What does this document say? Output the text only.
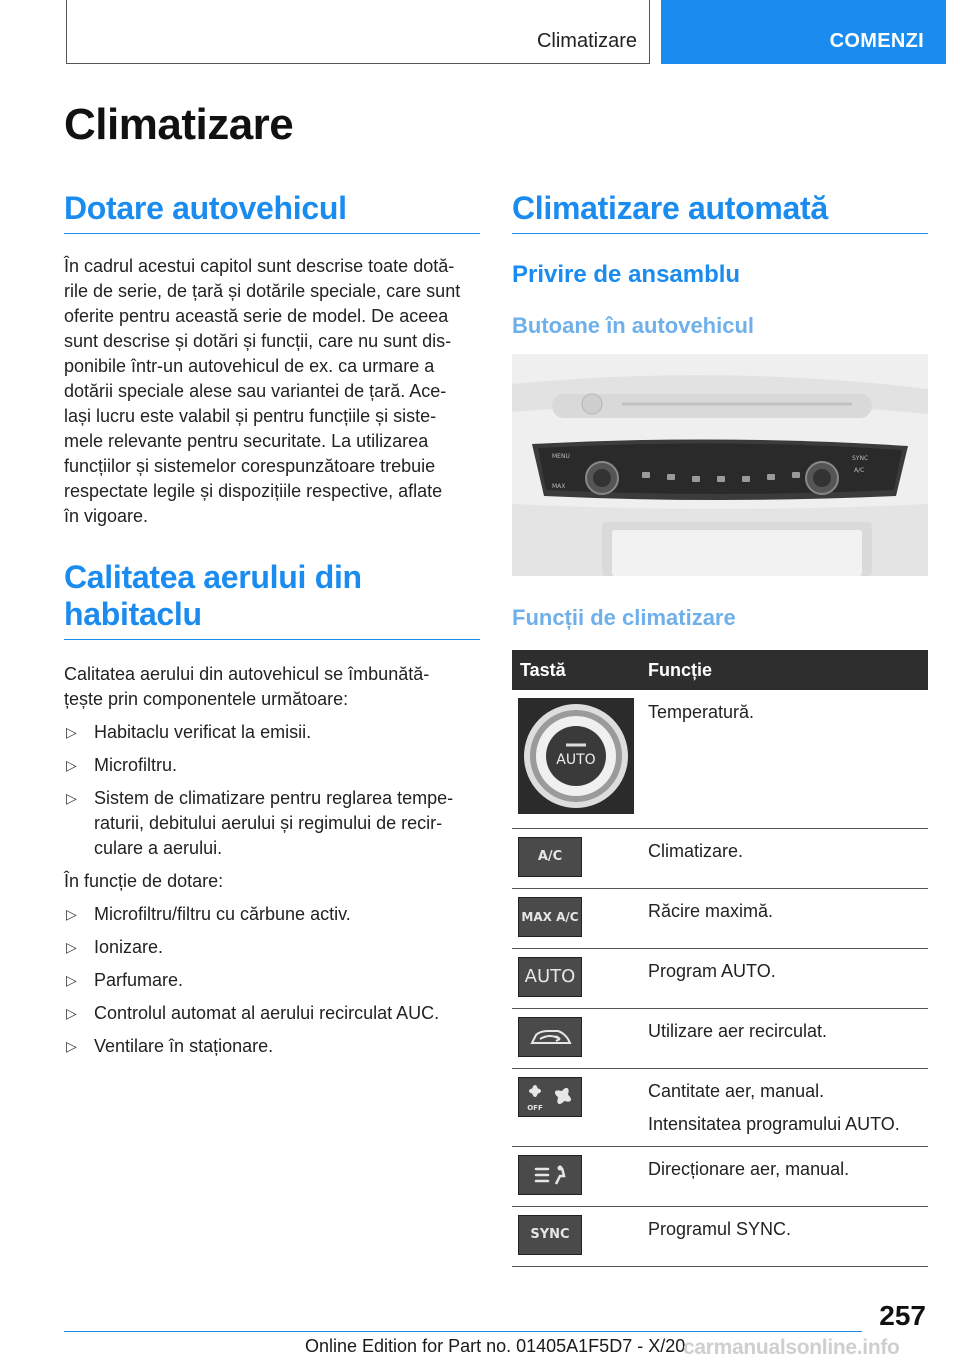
Climatizare	COMENZI
Climatizare
Dotare autovehicul
În cadrul acestui capitol sunt descrise toate dotă-
rile de serie, de țară și dotările speciale, care sunt
oferite pentru această serie de model. De aceea
sunt descrise și dotări și funcții, care nu sunt dis-
ponibile într-un autovehicul de ex. ca urmare a
dotării speciale alese sau variantei de țară. Ace-
lași lucru este valabil și pentru funcțiile și siste-
mele relevante pentru securitate. La utilizarea
funcțiilor și sistemelor corespunzătoare trebuie
respectate legile și dispozițiile respective, aflate
în vigoare.
Calitatea aerului din
habitaclu
Calitatea aerului din autovehicul se îmbunătă-
țește prin componentele următoare:
▷ Habitaclu verificat la emisii.
▷ Microfiltru.
▷ Sistem de climatizare pentru reglarea tempe-
raturii, debitului aerului și regimului de recir-
culare a aerului.
În funcție de dotare:
▷ Microfiltru/filtru cu cărbune activ.
▷ Ionizare.
▷ Parfumare.
▷ Controlul automat al aerului recirculat AUC.
▷ Ventilare în staționare.
Climatizare automată
Privire de ansamblu
Butoane în autovehicul
MENU
MAX
SYNC
A/C
Funcții de climatizare
Tastă	Funcție

AUTO	Temperatură.

A/C	Climatizare.

MAX A/C	Răcire maximă.

AUTO	Program AUTO.

Utilizare aer recirculat.

OFF	Cantitate aer, manual.
Intensitatea programului AUTO.

Direcționare aer, manual.

SYNC	Programul SYNC.
257
Online Edition for Part no. 01405A1F5D7 - X/20
carmanualsonline.info
